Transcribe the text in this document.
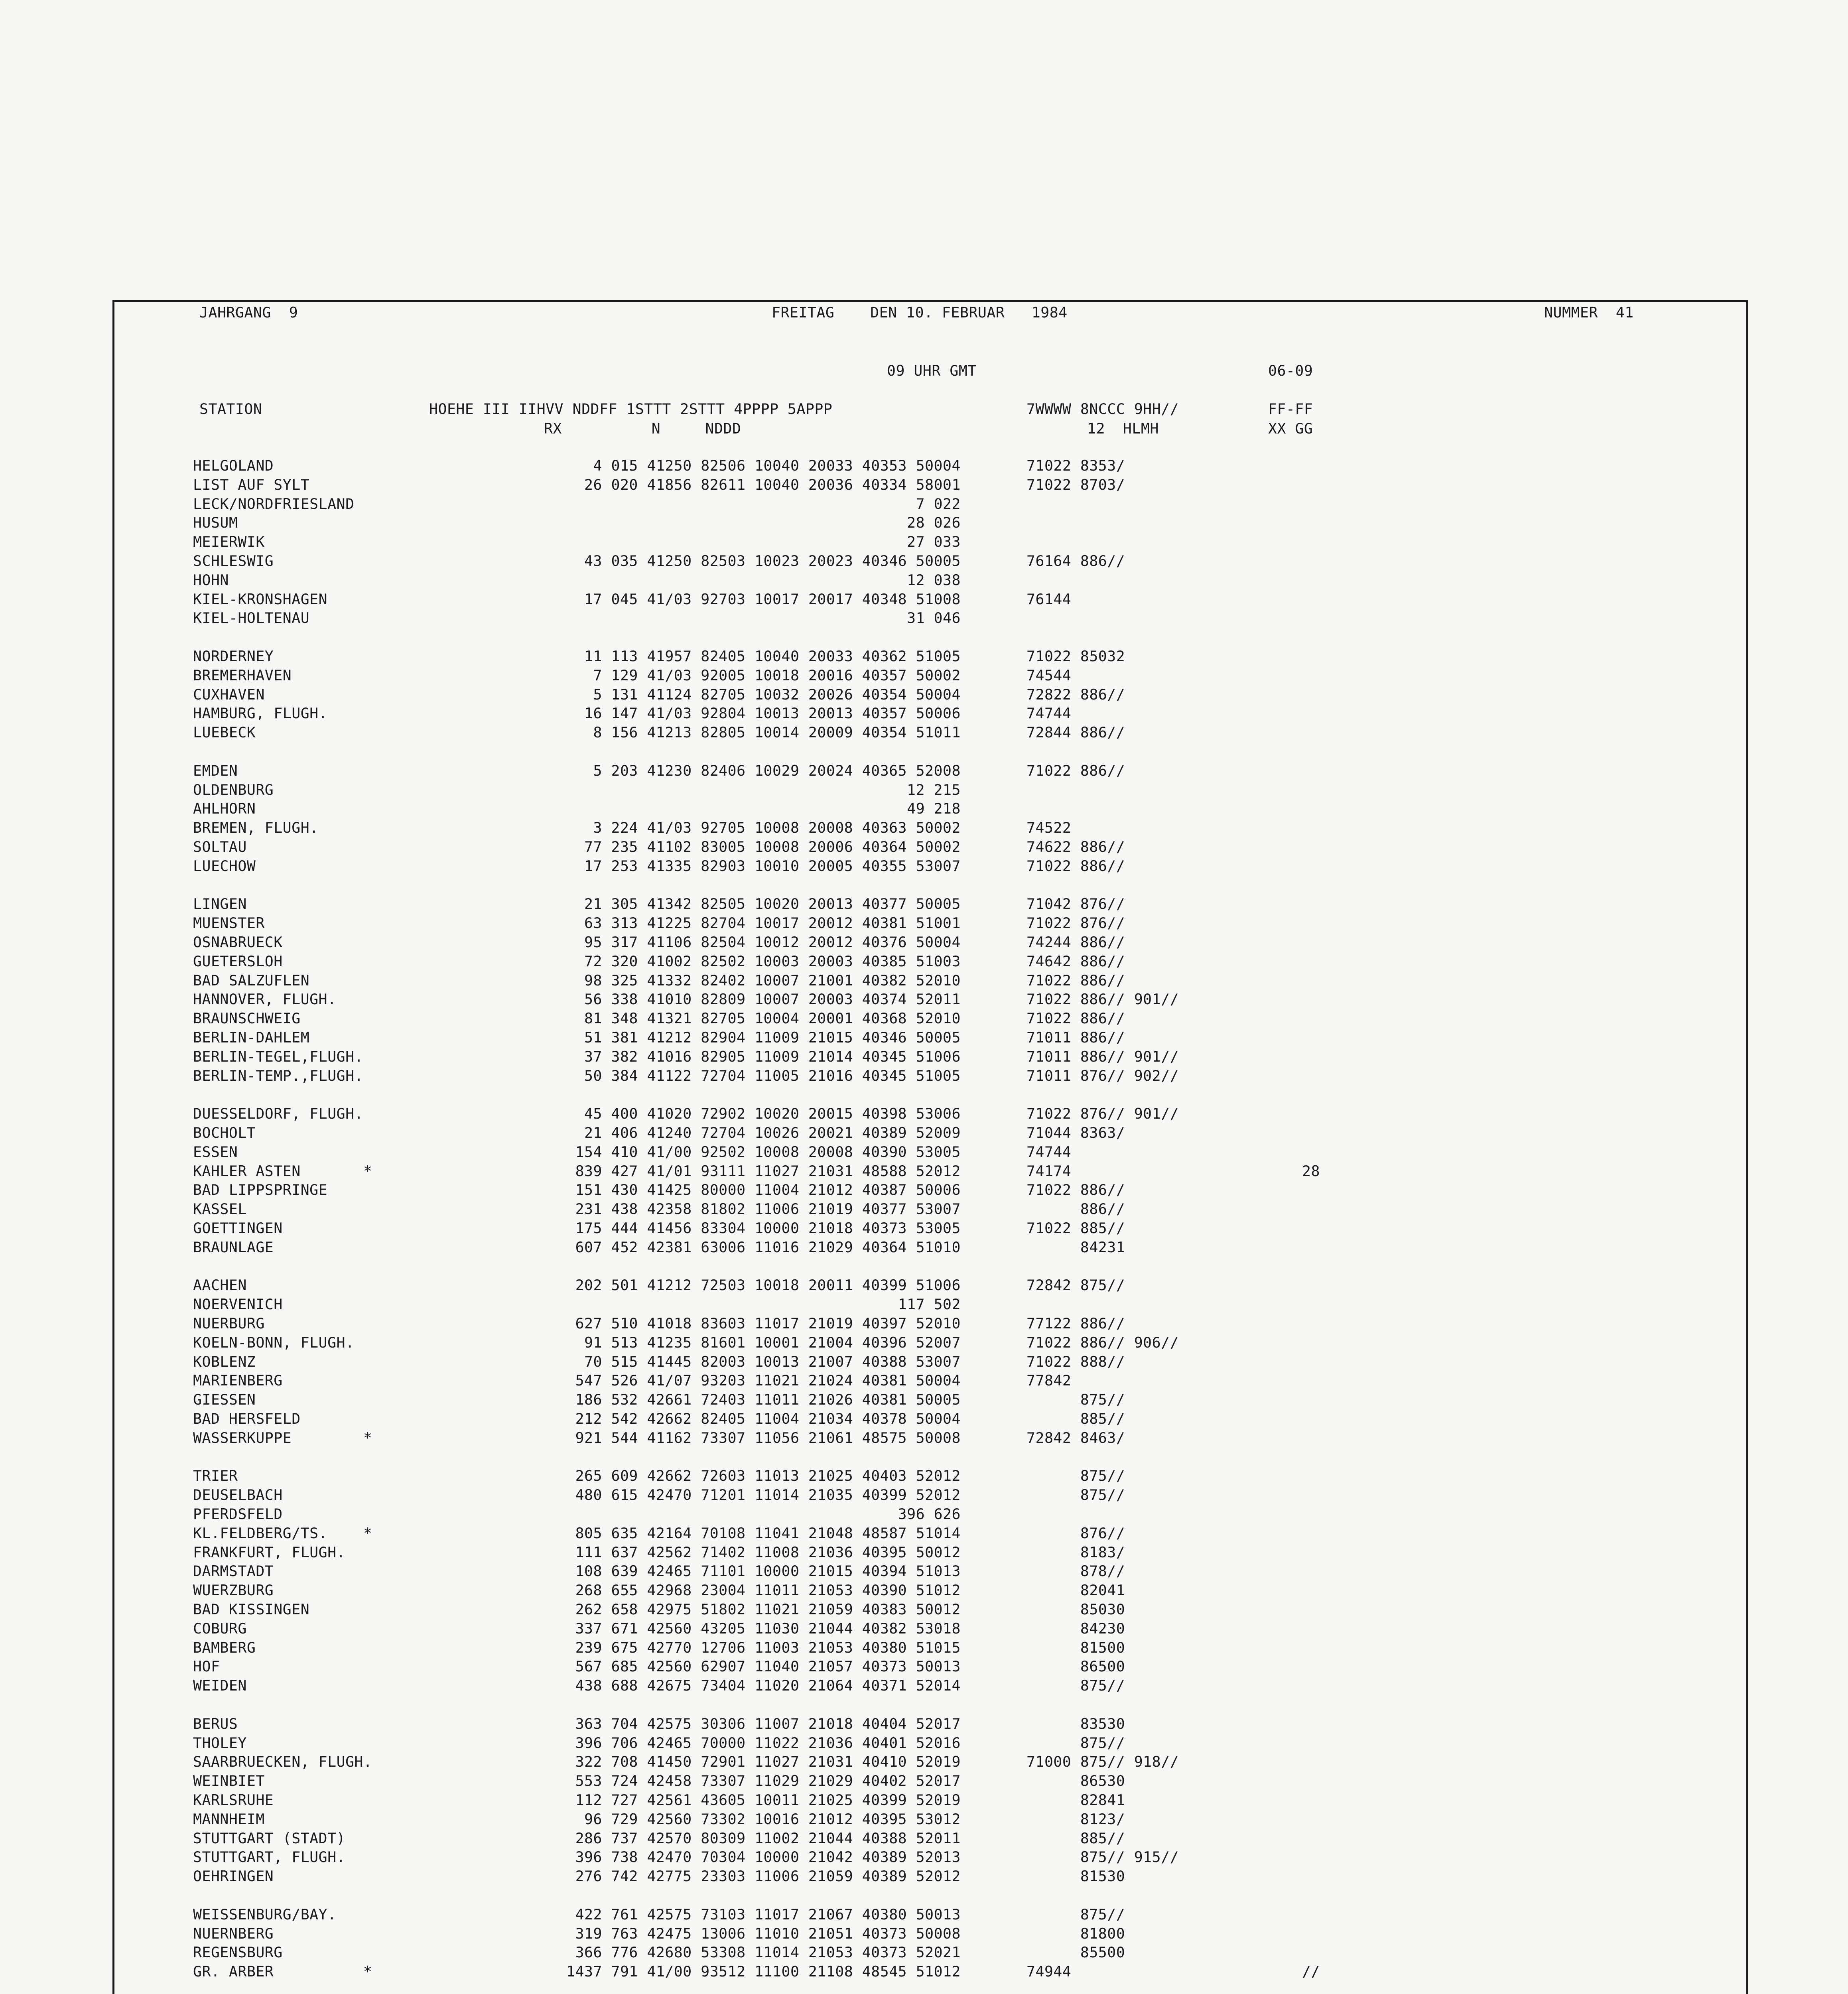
JAHRGANG  9	FREITAG    DEN 10. FEBRUAR   1984	NUMMER  41
09 UHR GMT	06-09
STATION	HOEHE III IIHVV NDDFF 1STTT 2STTT 4PPPP 5APPP	7WWWW 8NCCC 9HH//	FF-FF
RX          N     NDDD	12  HLMH	XX GG
HELGOLAND	4 015 41250 82506 10040 20033 40353 50004	71022 8353/
LIST AUF SYLT	26 020 41856 82611 10040 20036 40334 58001	71022 8703/
LECK/NORDFRIESLAND	7 022
HUSUM	28 026
MEIERWIK	27 033
SCHLESWIG	43 035 41250 82503 10023 20023 40346 50005	76164 886//
HOHN	12 038
KIEL-KRONSHAGEN	17 045 41/03 92703 10017 20017 40348 51008	76144
KIEL-HOLTENAU	31 046
NORDERNEY	11 113 41957 82405 10040 20033 40362 51005	71022 85032
BREMERHAVEN	7 129 41/03 92005 10018 20016 40357 50002	74544
CUXHAVEN	5 131 41124 82705 10032 20026 40354 50004	72822 886//
HAMBURG, FLUGH.	16 147 41/03 92804 10013 20013 40357 50006	74744
LUEBECK	8 156 41213 82805 10014 20009 40354 51011	72844 886//
EMDEN	5 203 41230 82406 10029 20024 40365 52008	71022 886//
OLDENBURG	12 215
AHLHORN	49 218
BREMEN, FLUGH.	3 224 41/03 92705 10008 20008 40363 50002	74522
SOLTAU	77 235 41102 83005 10008 20006 40364 50002	74622 886//
LUECHOW	17 253 41335 82903 10010 20005 40355 53007	71022 886//
LINGEN	21 305 41342 82505 10020 20013 40377 50005	71042 876//
MUENSTER	63 313 41225 82704 10017 20012 40381 51001	71022 876//
OSNABRUECK	95 317 41106 82504 10012 20012 40376 50004	74244 886//
GUETERSLOH	72 320 41002 82502 10003 20003 40385 51003	74642 886//
BAD SALZUFLEN	98 325 41332 82402 10007 21001 40382 52010	71022 886//
HANNOVER, FLUGH.	56 338 41010 82809 10007 20003 40374 52011	71022 886// 901//
BRAUNSCHWEIG	81 348 41321 82705 10004 20001 40368 52010	71022 886//
BERLIN-DAHLEM	51 381 41212 82904 11009 21015 40346 50005	71011 886//
BERLIN-TEGEL,FLUGH.	37 382 41016 82905 11009 21014 40345 51006	71011 886// 901//
BERLIN-TEMP.,FLUGH.	50 384 41122 72704 11005 21016 40345 51005	71011 876// 902//
DUESSELDORF, FLUGH.	45 400 41020 72902 10020 20015 40398 53006	71022 876// 901//
BOCHOLT	21 406 41240 72704 10026 20021 40389 52009	71044 8363/
ESSEN	154 410 41/00 92502 10008 20008 40390 53005	74744
KAHLER ASTEN       *	839 427 41/01 93111 11027 21031 48588 52012	74174	28
BAD LIPPSPRINGE	151 430 41425 80000 11004 21012 40387 50006	71022 886//
KASSEL	231 438 42358 81802 11006 21019 40377 53007	886//
GOETTINGEN	175 444 41456 83304 10000 21018 40373 53005	71022 885//
BRAUNLAGE	607 452 42381 63006 11016 21029 40364 51010	84231
AACHEN	202 501 41212 72503 10018 20011 40399 51006	72842 875//
NOERVENICH	117 502
NUERBURG	627 510 41018 83603 11017 21019 40397 52010	77122 886//
KOELN-BONN, FLUGH.	91 513 41235 81601 10001 21004 40396 52007	71022 886// 906//
KOBLENZ	70 515 41445 82003 10013 21007 40388 53007	71022 888//
MARIENBERG	547 526 41/07 93203 11021 21024 40381 50004	77842
GIESSEN	186 532 42661 72403 11011 21026 40381 50005	875//
BAD HERSFELD	212 542 42662 82405 11004 21034 40378 50004	885//
WASSERKUPPE        *	921 544 41162 73307 11056 21061 48575 50008	72842 8463/
TRIER	265 609 42662 72603 11013 21025 40403 52012	875//
DEUSELBACH	480 615 42470 71201 11014 21035 40399 52012	875//
PFERDSFELD	396 626
KL.FELDBERG/TS.    *	805 635 42164 70108 11041 21048 48587 51014	876//
FRANKFURT, FLUGH.	111 637 42562 71402 11008 21036 40395 50012	8183/
DARMSTADT	108 639 42465 71101 10000 21015 40394 51013	878//
WUERZBURG	268 655 42968 23004 11011 21053 40390 51012	82041
BAD KISSINGEN	262 658 42975 51802 11021 21059 40383 50012	85030
COBURG	337 671 42560 43205 11030 21044 40382 53018	84230
BAMBERG	239 675 42770 12706 11003 21053 40380 51015	81500
HOF	567 685 42560 62907 11040 21057 40373 50013	86500
WEIDEN	438 688 42675 73404 11020 21064 40371 52014	875//
BERUS	363 704 42575 30306 11007 21018 40404 52017	83530
THOLEY	396 706 42465 70000 11022 21036 40401 52016	875//
SAARBRUECKEN, FLUGH.	322 708 41450 72901 11027 21031 40410 52019	71000 875// 918//
WEINBIET	553 724 42458 73307 11029 21029 40402 52017	86530
KARLSRUHE	112 727 42561 43605 10011 21025 40399 52019	82841
MANNHEIM	96 729 42560 73302 10016 21012 40395 53012	8123/
STUTTGART (STADT)	286 737 42570 80309 11002 21044 40388 52011	885//
STUTTGART, FLUGH.	396 738 42470 70304 10000 21042 40389 52013	875// 915//
OEHRINGEN	276 742 42775 23303 11006 21059 40389 52012	81530
WEISSENBURG/BAY.	422 761 42575 73103 11017 21067 40380 50013	875//
NUERNBERG	319 763 42475 13006 11010 21051 40373 50008	81800
REGENSBURG	366 776 42680 53308 11014 21053 40373 52021	85500
GR. ARBER          *	1437 791 41/00 93512 11100 21108 48545 51012	74944	//
